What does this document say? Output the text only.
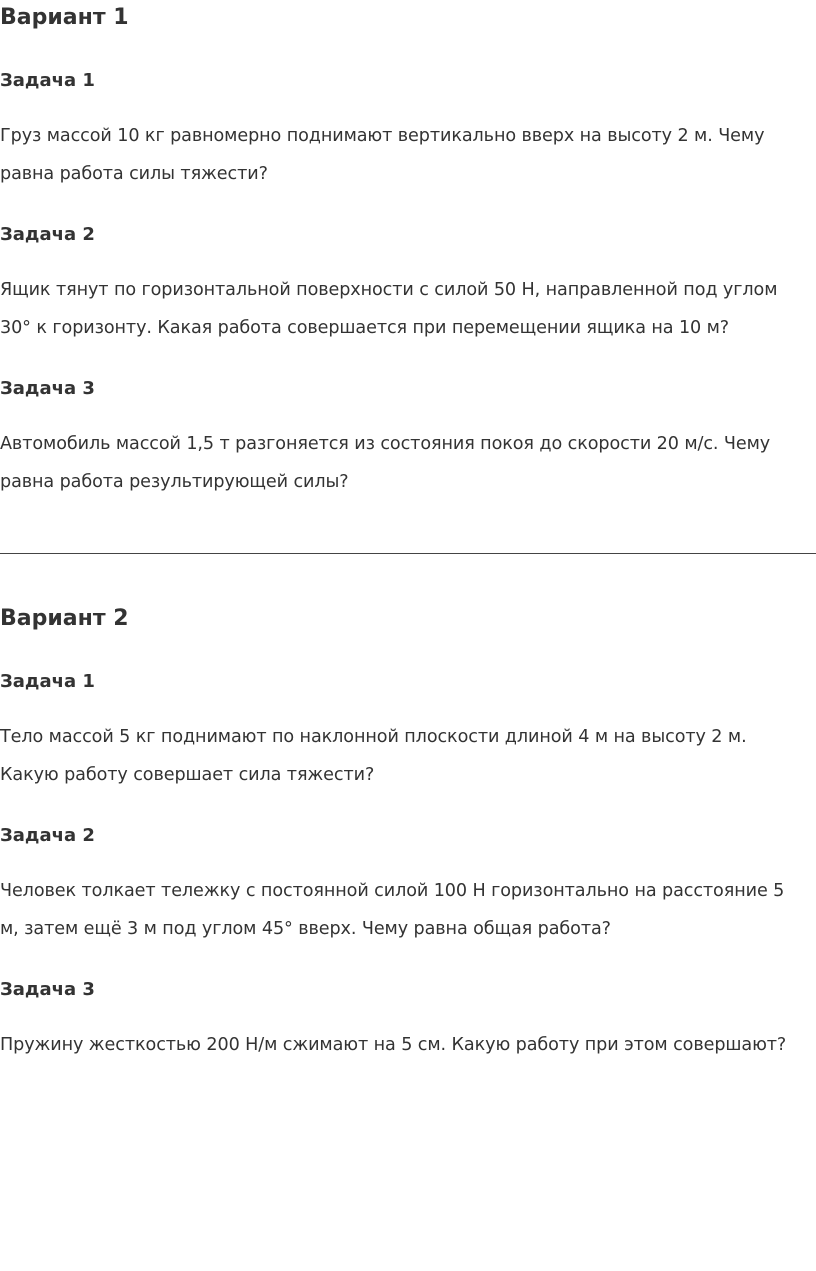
Вариант 1
Задача 1

Груз массой 10 кг равномерно поднимают вертикально вверх на высоту 2 м. Чему равна работа силы тяжести?

Задача 2

Ящик тянут по горизонтальной поверхности с силой 50 Н, направленной под углом 30° к горизонту. Какая работа совершается при перемещении ящика на 10 м?

Задача 3

Автомобиль массой 1,5 т разгоняется из состояния покоя до скорости 20 м/с. Чему равна работа результирующей силы?

Вариант 2
Задача 1

Тело массой 5 кг поднимают по наклонной плоскости длиной 4 м на высоту 2 м. Какую работу совершает сила тяжести?

Задача 2

Человек толкает тележку с постоянной силой 100 Н горизонтально на расстояние 5 м, затем ещё 3 м под углом 45° вверх. Чему равна общая работа?

Задача 3

Пружину жесткостью 200 Н/м сжимают на 5 см. Какую работу при этом совершают?
